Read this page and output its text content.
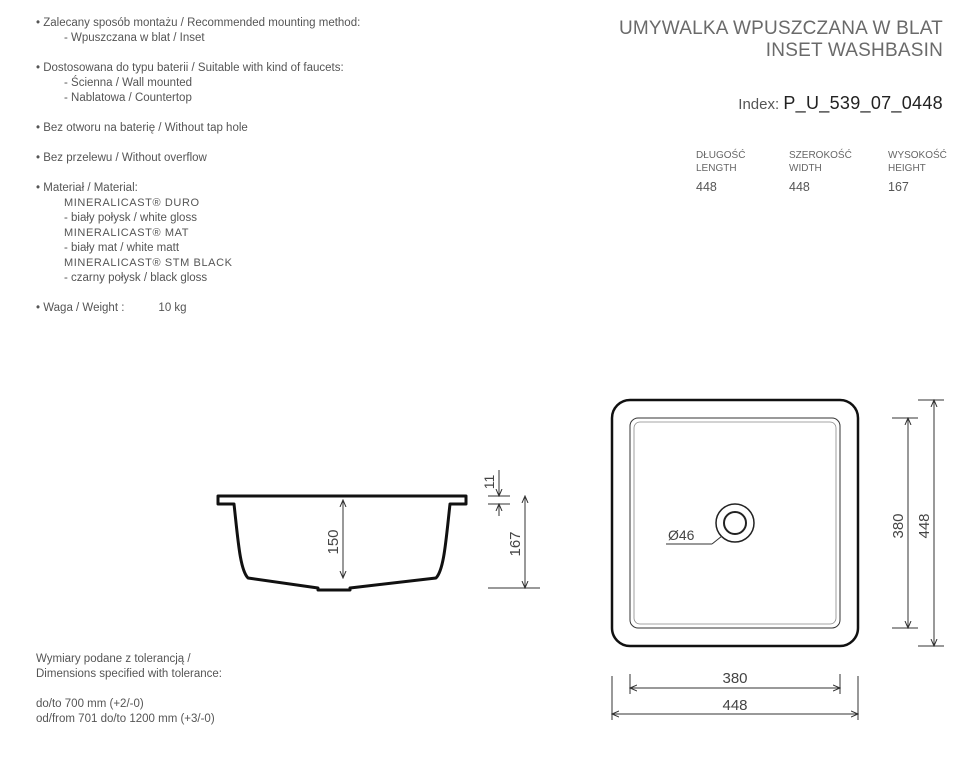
• Zalecany sposób montażu / Recommended mounting method:
- Wpuszczana w blat / Inset
• Dostosowana do typu baterii / Suitable with kind of faucets:
- Ścienna / Wall mounted
- Nablatowa / Countertop
• Bez otworu na baterię / Without tap hole
• Bez przelewu / Without overflow
• Materiał / Material:
MINERALICAST® DURO
- biały połysk / white gloss
MINERALICAST® MAT
- biały mat / white matt
MINERALICAST® STM BLACK
- czarny połysk / black gloss
• Waga / Weight :	10 kg
UMYWALKA WPUSZCZANA W BLAT
INSET WASHBASIN
Index: P_U_539_07_0448
DŁUGOŚĆ
LENGTH
448
SZEROKOŚĆ
WIDTH
448
WYSOKOŚĆ
HEIGHT
167
150
11
167	Ø46	380 448
380
448
Wymiary podane z tolerancją /
Dimensions specified with tolerance:
do/to 700 mm (+2/-0)
od/from 701 do/to 1200 mm (+3/-0)
